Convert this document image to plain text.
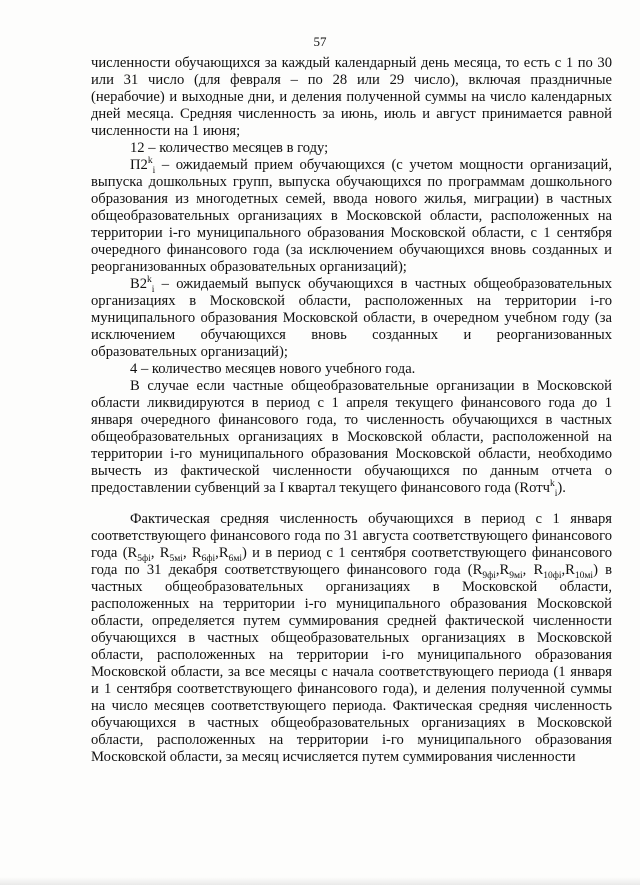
57

численности обучающихся за каждый календарный день месяца, то есть с 1 по 30 или 31 число (для февраля – по 28 или 29 число), включая праздничные (нерабочие) и выходные дни, и деления полученной суммы на число календарных дней месяца. Средняя численность за июнь, июль и август принимается равной численности на 1 июня;

12 – количество месяцев в году;

$П2^k_i$ – ожидаемый прием обучающихся (с учетом мощности организаций, выпуска дошкольных групп, выпуска обучающихся по программам дошкольного образования из многодетных семей, ввода нового жилья, миграции) в частных общеобразовательных организациях в Московской области, расположенных на территории i-го муниципального образования Московской области, с 1 сентября очередного финансового года (за исключением обучающихся вновь созданных и реорганизованных образовательных организаций);

$В2^k_i$ – ожидаемый выпуск обучающихся в частных общеобразовательных организациях в Московской области, расположенных на территории i-го муниципального образования Московской области, в очередном учебном году (за исключением обучающихся вновь созданных и реорганизованных образовательных организаций);

4 – количество месяцев нового учебного года.

В случае если частные общеобразовательные организации в Московской области ликвидируются в период с 1 апреля текущего финансового года до 1 января очередного финансового года, то численность обучающихся в частных общеобразовательных организациях в Московской области, расположенной на территории i-го муниципального образования Московской области, необходимо вычесть из фактической численности обучающихся по данным отчета о предоставлении субвенций за I квартал текущего финансового года (Rотч$^k_i$).

Фактическая средняя численность обучающихся в период с 1 января соответствующего финансового года по 31 августа соответствующего финансового года ($R_{5фi}$, $R_{5мi}$, $R_{6фi},R_{6мi}$) и в период с 1 сентября соответствующего финансового года по 31 декабря соответствующего финансового года ($R_{9фi},R_{9мi}$, $R_{10фi},R_{10мi}$) в частных общеобразовательных организациях в Московской области, расположенных на территории i-го муниципального образования Московской области, определяется путем суммирования средней фактической численности обучающихся в частных общеобразовательных организациях в Московской области, расположенных на территории i-го муниципального образования Московской области, за все месяцы с начала соответствующего периода (1 января и 1 сентября соответствующего финансового года), и деления полученной суммы на число месяцев соответствующего периода. Фактическая средняя численность обучающихся в частных общеобразовательных организациях в Московской области, расположенных на территории i-го муниципального образования Московской области, за месяц исчисляется путем суммирования численности
